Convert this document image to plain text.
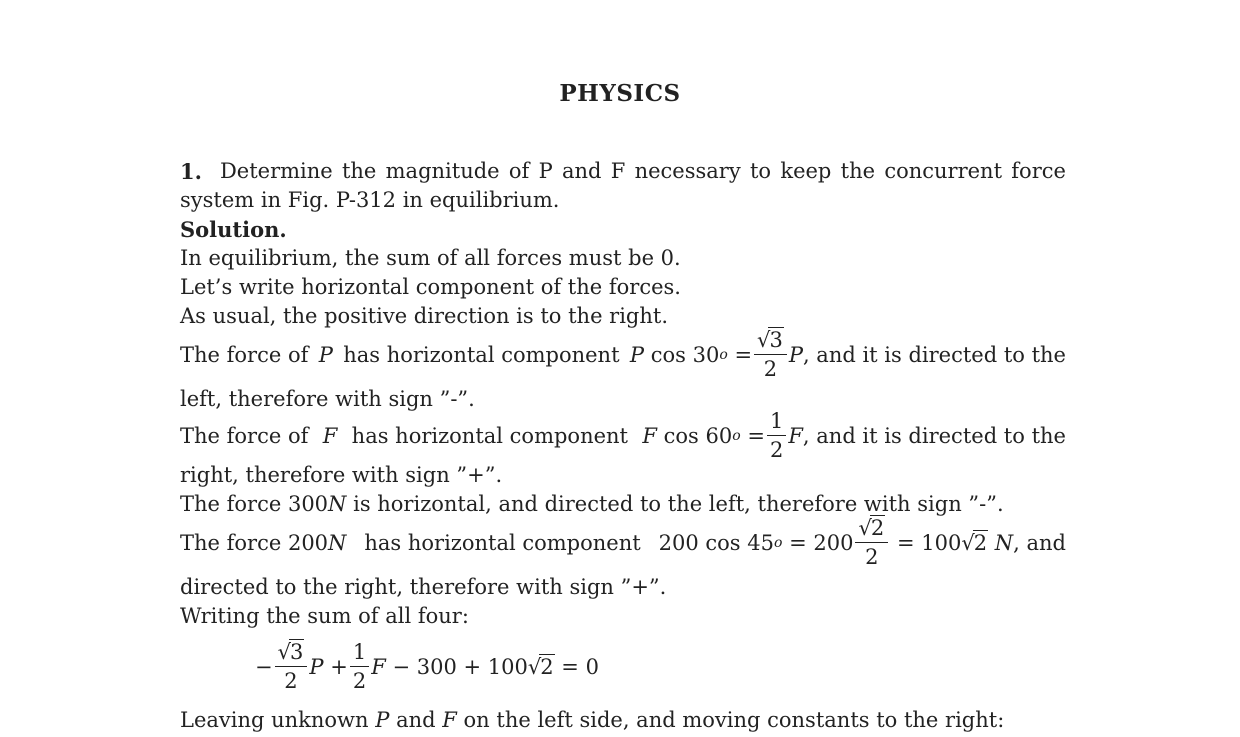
PHYSICS
1. Determine the magnitude of P and F necessary to keep the concurrent force
system in Fig. P-312 in equilibrium.
Solution.
In equilibrium, the sum of all forces must be 0.
Let’s write horizontal component of the forces.
As usual, the positive direction is to the right.
The force of P has horizontal component P
cos
30 o
= $\frac{√3}{2}$ P , and it is directed to the
left, therefore with sign ”-”.
The force of F has horizontal component F
cos
60 o
= $\frac{1}{2}$ F , and it is directed to the
right, therefore with sign ”+”.
The force 300N is horizontal, and directed to the left, therefore with sign ”-”.
The force 200 N has horizontal component 200 cos 45 o
=
$200 \frac{√2}{2}$
=
100 √2
N , and
directed to the right, therefore with sign ”+”.
Writing the sum of all four:
− $\frac{√3}{2}$ P
+ $\frac{1}{2}$ F
− 300 + 100 √2
= 0
Leaving unknown P and F on the left side, and moving constants to the right:
